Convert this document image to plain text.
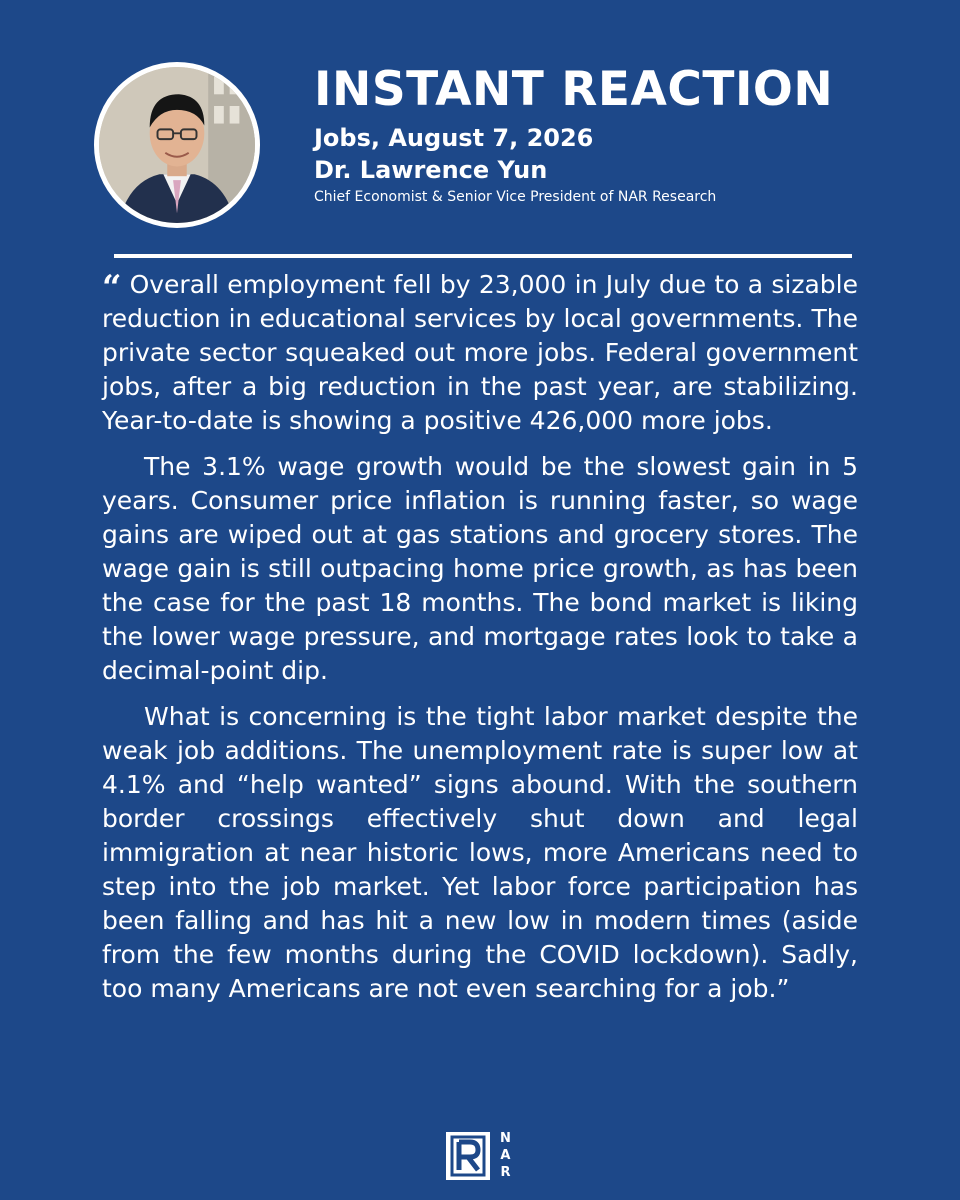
INSTANT REACTION
Jobs, August 7, 2026
Dr. Lawrence Yun
Chief Economist & Senior Vice President of NAR Research

“ Overall employment fell by 23,000 in July due to a sizable reduction in educational services by local governments. The private sector squeaked out more jobs. Federal government jobs, after a big reduction in the past year, are stabilizing. Year-to-date is showing a positive 426,000 more jobs.

The 3.1% wage growth would be the slowest gain in 5 years. Consumer price inflation is running faster, so wage gains are wiped out at gas stations and grocery stores. The wage gain is still outpacing home price growth, as has been the case for the past 18 months. The bond market is liking the lower wage pressure, and mortgage rates look to take a decimal-point dip.

What is concerning is the tight labor market despite the weak job additions. The unemployment rate is super low at 4.1% and “help wanted” signs abound. With the southern border crossings effectively shut down and legal immigration at near historic lows, more Americans need to step into the job market. Yet labor force participation has been falling and has hit a new low in modern times (aside from the few months during the COVID lockdown). Sadly, too many Americans are not even searching for a job.”

N
A
R
